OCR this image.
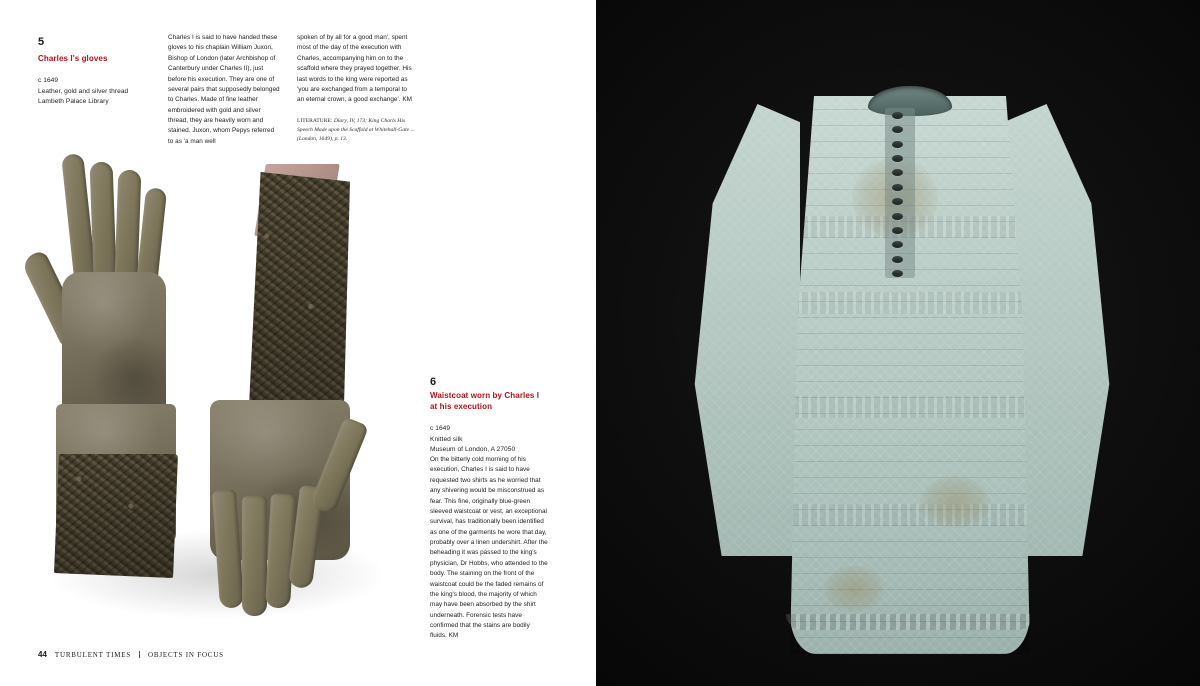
5
Charles I's gloves
c 1649
Leather, gold and silver thread
Lambeth Palace Library
Charles I is said to have handed these gloves to his chaplain William Juxon, Bishop of London (later Archbishop of Canterbury under Charles II), just before his execution. They are one of several pairs that supposedly belonged to Charles. Made of fine leather embroidered with gold and silver thread, they are heavily worn and stained. Juxon, whom Pepys referred to as 'a man well
spoken of by all for a good man', spent most of the day of the execution with Charles, accompanying him on to the scaffold where they prayed together. His last words to the king were reported as 'you are exchanged from a temporal to an eternal crown, a good exchange'. KM
LITERATURE: Diary, IV, 173; King Charls His Speech Made upon the Scaffold at Whitehall-Gate ... (London, 1649), p. 13.
6
Waistcoat worn by Charles I at his execution
c 1649
Knitted silk
Museum of London, A 27050
On the bitterly cold morning of his execution, Charles I is said to have requested two shirts as he worried that any shivering would be misconstrued as fear. This fine, originally blue-green sleeved waistcoat or vest, an exceptional survival, has traditionally been identified as one of the garments he wore that day, probably over a linen undershirt. After the beheading it was passed to the king's physician, Dr Hobbs, who attended to the body. The staining on the front of the waistcoat could be the faded remains of the king's blood, the majority of which may have been absorbed by the shirt underneath. Forensic tests have confirmed that the stains are bodily fluids. KM
44 TURBULENT TIMES OBJECTS IN FOCUS
